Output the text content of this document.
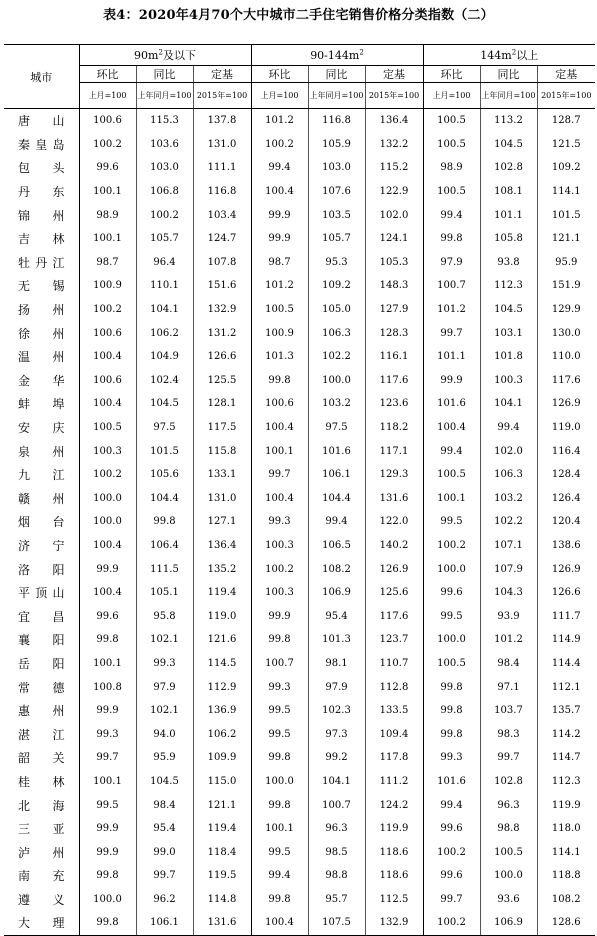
表4：2020年4月70个大中城市二手住宅销售价格分类指数（二）
城市	$90m^2$及以下			$90-144m^2$			$144m^2$以上		
	环比	同比	定基	环比	同比	定基	环比	同比	定基
	上月=100	上年同月=100	2015年=100	上月=100	上年同月=100	2015年=100	上月=100	上年同月=100	2015年=100
唐山	100.6	115.3	137.8	101.2	116.8	136.4	100.5	113.2	128.7
秦皇岛	100.2	103.6	131.0	100.2	105.9	132.2	100.5	104.5	121.5
包头	99.6	103.0	111.1	99.4	103.0	115.2	98.9	102.8	109.2
丹东	100.1	106.8	116.8	100.4	107.6	122.9	100.5	108.1	114.1
锦州	98.9	100.2	103.4	99.9	103.5	102.0	99.4	101.1	101.5
吉林	100.1	105.7	124.7	99.9	105.7	124.1	99.8	105.8	121.1
牡丹江	98.7	96.4	107.8	98.7	95.3	105.3	97.9	93.8	95.9
无锡	100.9	110.1	151.6	101.2	109.2	148.3	100.7	112.3	151.9
扬州	100.2	104.1	132.9	100.5	105.0	127.9	101.2	104.5	129.9
徐州	100.6	106.2	131.2	100.9	106.3	128.3	99.7	103.1	130.0
温州	100.4	104.9	126.6	101.3	102.2	116.1	101.1	101.8	110.0
金华	100.6	102.4	125.5	99.8	100.0	117.6	99.9	100.3	117.6
蚌埠	100.4	104.5	128.1	100.6	103.2	123.6	101.6	104.1	126.9
安庆	100.5	97.5	117.5	100.4	97.5	118.2	100.4	99.4	119.0
泉州	100.3	101.5	115.8	100.1	101.6	117.1	99.4	102.0	116.4
九江	100.2	105.6	133.1	99.7	106.1	129.3	100.5	106.3	128.4
赣州	100.0	104.4	131.0	100.4	104.4	131.6	100.1	103.2	126.4
烟台	100.0	99.8	127.1	99.3	99.4	122.0	99.5	102.2	120.4
济宁	100.4	106.4	136.4	100.3	106.5	140.2	100.2	107.1	138.6
洛阳	99.9	111.5	135.2	100.2	108.2	126.9	100.0	107.9	126.9
平顶山	100.4	105.1	119.4	100.3	106.9	125.6	99.6	104.3	126.6
宜昌	99.6	95.8	119.0	99.9	95.4	117.6	99.5	93.9	111.7
襄阳	99.8	102.1	121.6	99.8	101.3	123.7	100.0	101.2	114.9
岳阳	100.1	99.3	114.5	100.7	98.1	110.7	100.5	98.4	114.4
常德	100.8	97.9	112.9	99.3	97.9	112.8	99.8	97.1	112.1
惠州	99.9	102.1	136.9	99.5	102.3	133.5	99.8	103.7	135.7
湛江	99.3	94.0	106.2	99.5	97.3	109.4	99.8	98.3	114.2
韶关	99.7	95.9	109.9	99.8	99.2	117.8	99.3	99.7	114.7
桂林	100.1	104.5	115.0	100.0	104.1	111.2	101.6	102.8	112.3
北海	99.5	98.4	121.1	99.8	100.7	124.2	99.4	96.3	119.9
三亚	99.9	95.4	119.4	100.1	96.3	119.9	99.6	98.8	118.0
泸州	99.9	99.0	118.4	99.5	98.5	118.6	100.2	100.5	114.1
南充	99.8	99.7	119.5	99.4	98.8	118.6	99.6	100.0	118.8
遵义	100.0	96.2	114.8	99.8	95.7	112.5	99.7	93.6	108.2
大理	99.8	106.1	131.6	100.4	107.5	132.9	100.2	106.9	128.6
